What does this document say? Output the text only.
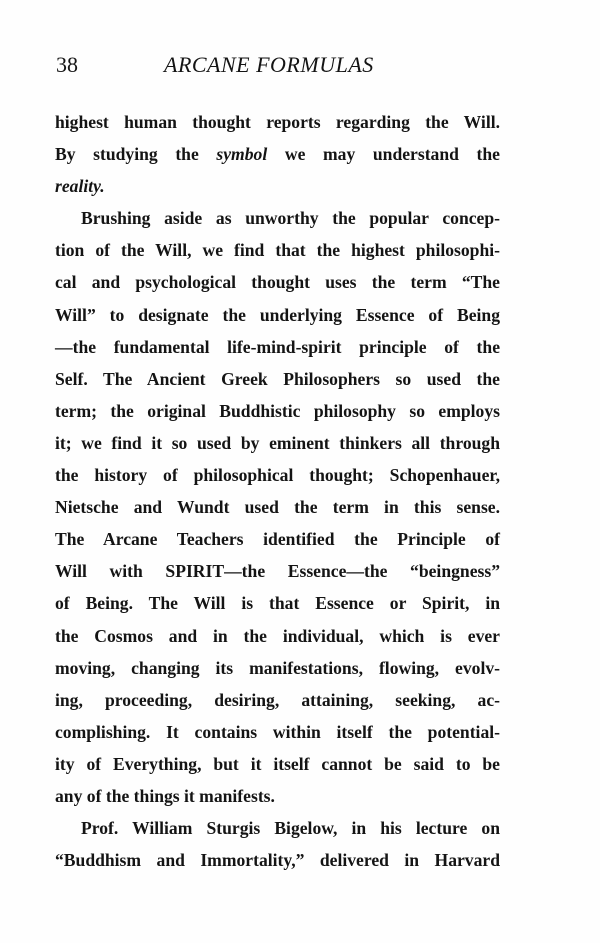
38	ARCANE FORMULAS
highest human thought reports regarding the Will.
By studying the symbol we may understand the
reality.
Brushing aside as unworthy the popular concep-
tion of the Will, we find that the highest philosophi-
cal and psychological thought uses the term “The
Will” to designate the underlying Essence of Being
—the fundamental life-mind-spirit principle of the
Self. The Ancient Greek Philosophers so used the
term; the original Buddhistic philosophy so employs
it; we find it so used by eminent thinkers all through
the history of philosophical thought; Schopenhauer,
Nietsche and Wundt used the term in this sense.
The Arcane Teachers identified the Principle of
Will with SPIRIT—the Essence—the “beingness”
of Being. The Will is that Essence or Spirit, in
the Cosmos and in the individual, which is ever
moving, changing its manifestations, flowing, evolv-
ing, proceeding, desiring, attaining, seeking, ac-
complishing. It contains within itself the potential-
ity of Everything, but it itself cannot be said to be
any of the things it manifests.
Prof. William Sturgis Bigelow, in his lecture on
“Buddhism and Immortality,” delivered in Harvard
